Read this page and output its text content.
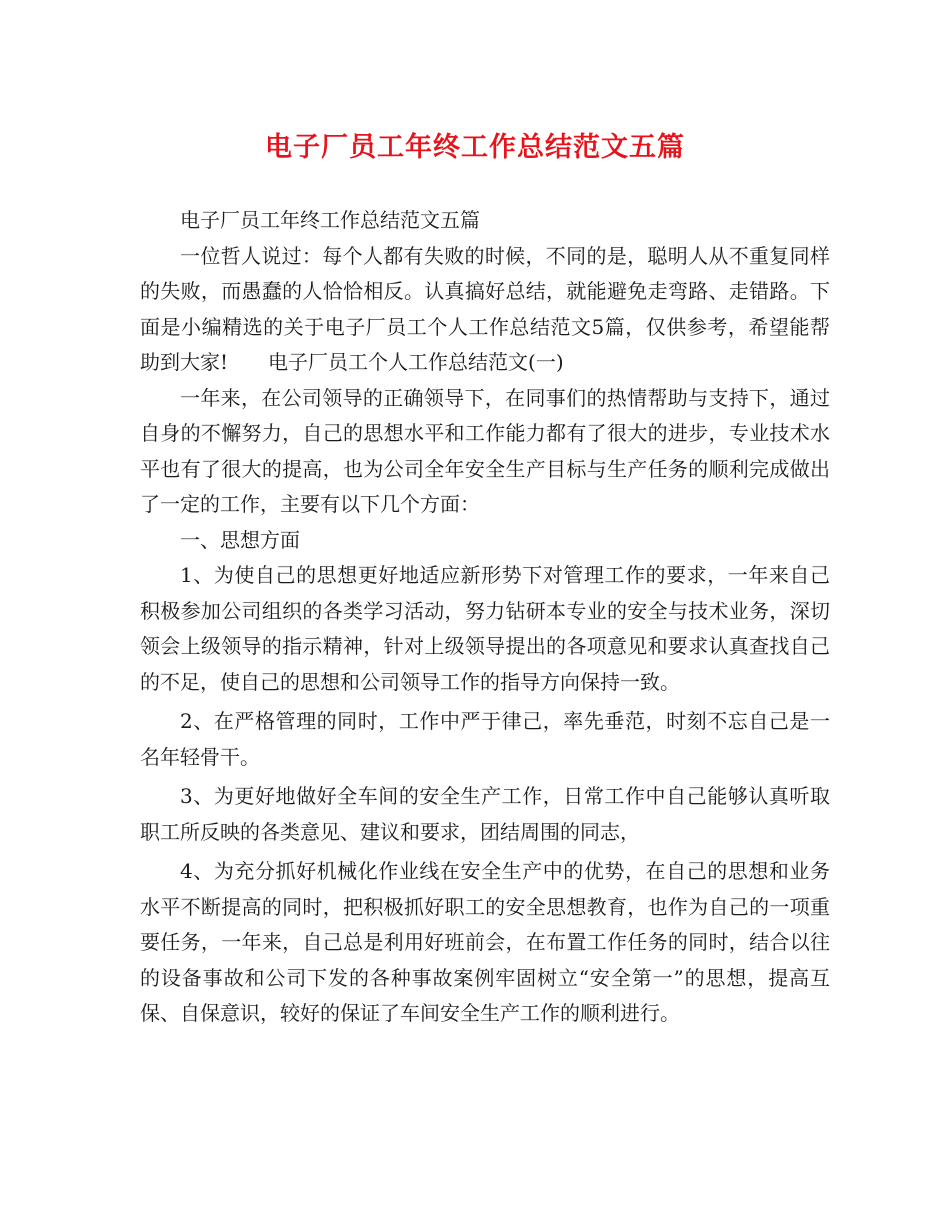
电子厂员工年终工作总结范文五篇

电子厂员工年终工作总结范文五篇

一位哲人说过：每个人都有失败的时候，不同的是，聪明人从不重复同样的失败，而愚蠢的人恰恰相反。认真搞好总结，就能避免走弯路、走错路。下面是小编精选的关于电子厂员工个人工作总结范文5篇，仅供参考，希望能帮助到大家!　　电子厂员工个人工作总结范文(一)

一年来，在公司领导的正确领导下，在同事们的热情帮助与支持下，通过自身的不懈努力，自己的思想水平和工作能力都有了很大的进步，专业技术水平也有了很大的提高，也为公司全年安全生产目标与生产任务的顺利完成做出了一定的工作，主要有以下几个方面：

一、思想方面

1、为使自己的思想更好地适应新形势下对管理工作的要求，一年来自己积极参加公司组织的各类学习活动，努力钻研本专业的安全与技术业务，深切领会上级领导的指示精神，针对上级领导提出的各项意见和要求认真查找自己的不足，使自己的思想和公司领导工作的指导方向保持一致。

2、在严格管理的同时，工作中严于律己，率先垂范，时刻不忘自己是一名年轻骨干。

3、为更好地做好全车间的安全生产工作，日常工作中自己能够认真听取职工所反映的各类意见、建议和要求，团结周围的同志，

4、为充分抓好机械化作业线在安全生产中的优势，在自己的思想和业务水平不断提高的同时，把积极抓好职工的安全思想教育，也作为自己的一项重要任务，一年来，自己总是利用好班前会，在布置工作任务的同时，结合以往的设备事故和公司下发的各种事故案例牢固树立“安全第一”的思想，提高互保、自保意识，较好的保证了车间安全生产工作的顺利进行。
